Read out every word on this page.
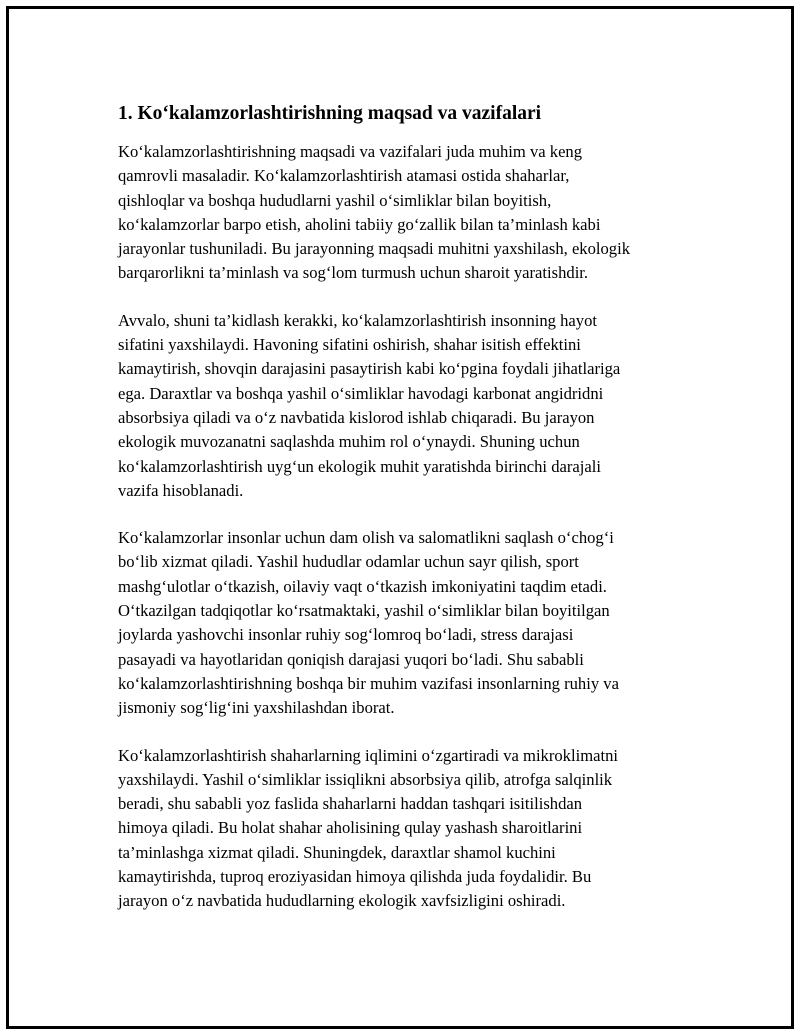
1. Ko‘kalamzorlashtirishning maqsad va vazifalari

Ko‘kalamzorlashtirishning maqsadi va vazifalari juda muhim va keng
qamrovli masaladir. Ko‘kalamzorlashtirish atamasi ostida shaharlar,
qishloqlar va boshqa hududlarni yashil o‘simliklar bilan boyitish,
ko‘kalamzorlar barpo etish, aholini tabiiy go‘zallik bilan ta’minlash kabi
jarayonlar tushuniladi. Bu jarayonning maqsadi muhitni yaxshilash, ekologik
barqarorlikni ta’minlash va sog‘lom turmush uchun sharoit yaratishdir.

Avvalo, shuni ta’kidlash kerakki, ko‘kalamzorlashtirish insonning hayot
sifatini yaxshilaydi. Havoning sifatini oshirish, shahar isitish effektini
kamaytirish, shovqin darajasini pasaytirish kabi ko‘pgina foydali jihatlariga
ega. Daraxtlar va boshqa yashil o‘simliklar havodagi karbonat angidridni
absorbsiya qiladi va o‘z navbatida kislorod ishlab chiqaradi. Bu jarayon
ekologik muvozanatni saqlashda muhim rol o‘ynaydi. Shuning uchun
ko‘kalamzorlashtirish uyg‘un ekologik muhit yaratishda birinchi darajali
vazifa hisoblanadi.

Ko‘kalamzorlar insonlar uchun dam olish va salomatlikni saqlash o‘chog‘i
bo‘lib xizmat qiladi. Yashil hududlar odamlar uchun sayr qilish, sport
mashg‘ulotlar o‘tkazish, oilaviy vaqt o‘tkazish imkoniyatini taqdim etadi.
O‘tkazilgan tadqiqotlar ko‘rsatmaktaki, yashil o‘simliklar bilan boyitilgan
joylarda yashovchi insonlar ruhiy sog‘lomroq bo‘ladi, stress darajasi
pasayadi va hayotlaridan qoniqish darajasi yuqori bo‘ladi. Shu sababli
ko‘kalamzorlashtirishning boshqa bir muhim vazifasi insonlarning ruhiy va
jismoniy sog‘lig‘ini yaxshilashdan iborat.

Ko‘kalamzorlashtirish shaharlarning iqlimini o‘zgartiradi va mikroklimatni
yaxshilaydi. Yashil o‘simliklar issiqlikni absorbsiya qilib, atrofga salqinlik
beradi, shu sababli yoz faslida shaharlarni haddan tashqari isitilishdan
himoya qiladi. Bu holat shahar aholisining qulay yashash sharoitlarini
ta’minlashga xizmat qiladi. Shuningdek, daraxtlar shamol kuchini
kamaytirishda, tuproq eroziyasidan himoya qilishda juda foydalidir. Bu
jarayon o‘z navbatida hududlarning ekologik xavfsizligini oshiradi.
